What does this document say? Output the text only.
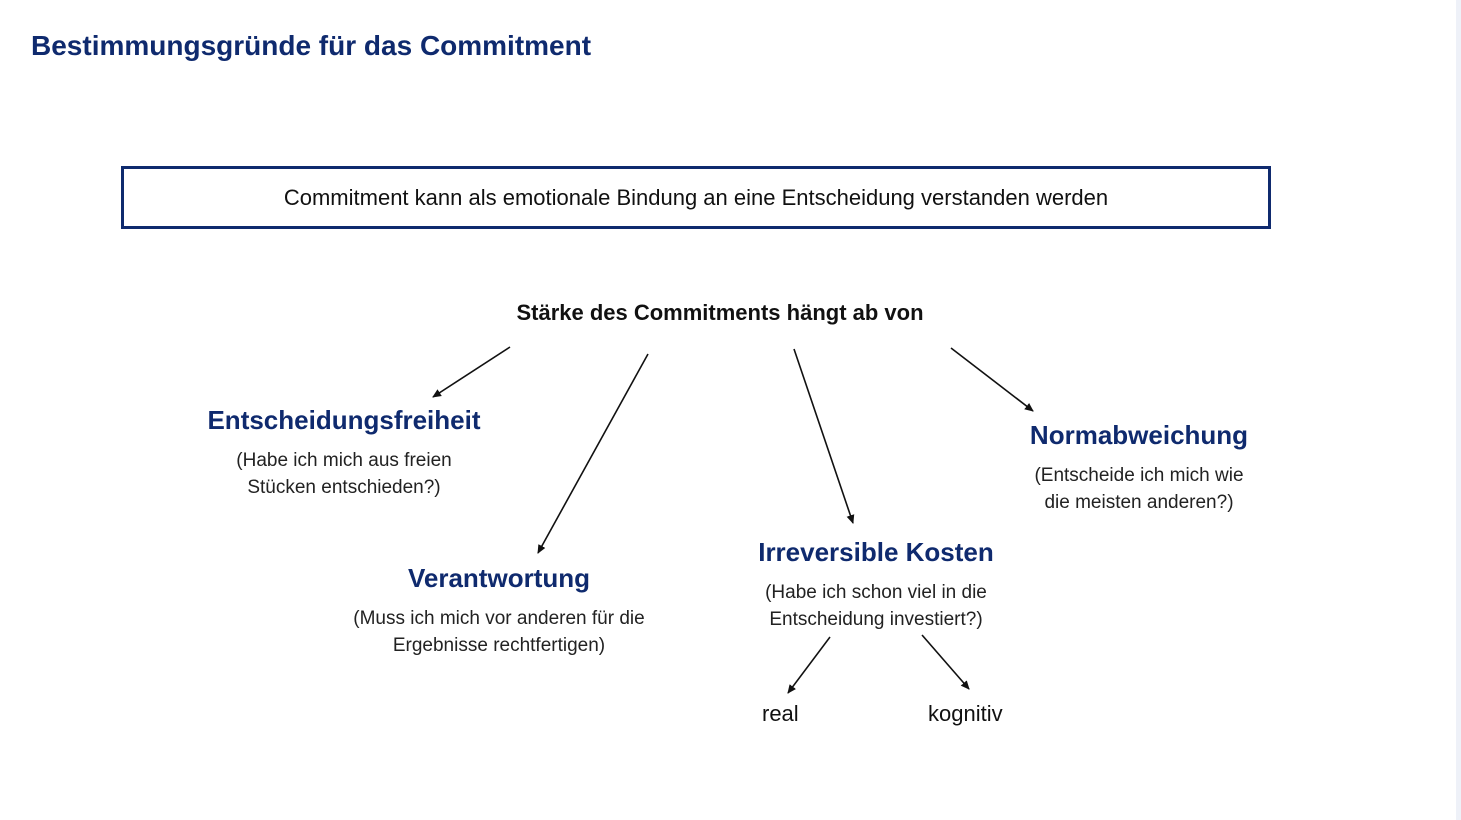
Bestimmungsgründe für das Commitment
Commitment kann als emotionale Bindung an eine Entscheidung verstanden werden
Stärke des Commitments hängt ab von
Entscheidungsfreiheit
(Habe ich mich aus freien
Stücken entschieden?)
Verantwortung
(Muss ich mich vor anderen für die
Ergebnisse rechtfertigen)
Irreversible Kosten
(Habe ich schon viel in die
Entscheidung investiert?)
Normabweichung
(Entscheide ich mich wie
die meisten anderen?)
real	kognitiv
